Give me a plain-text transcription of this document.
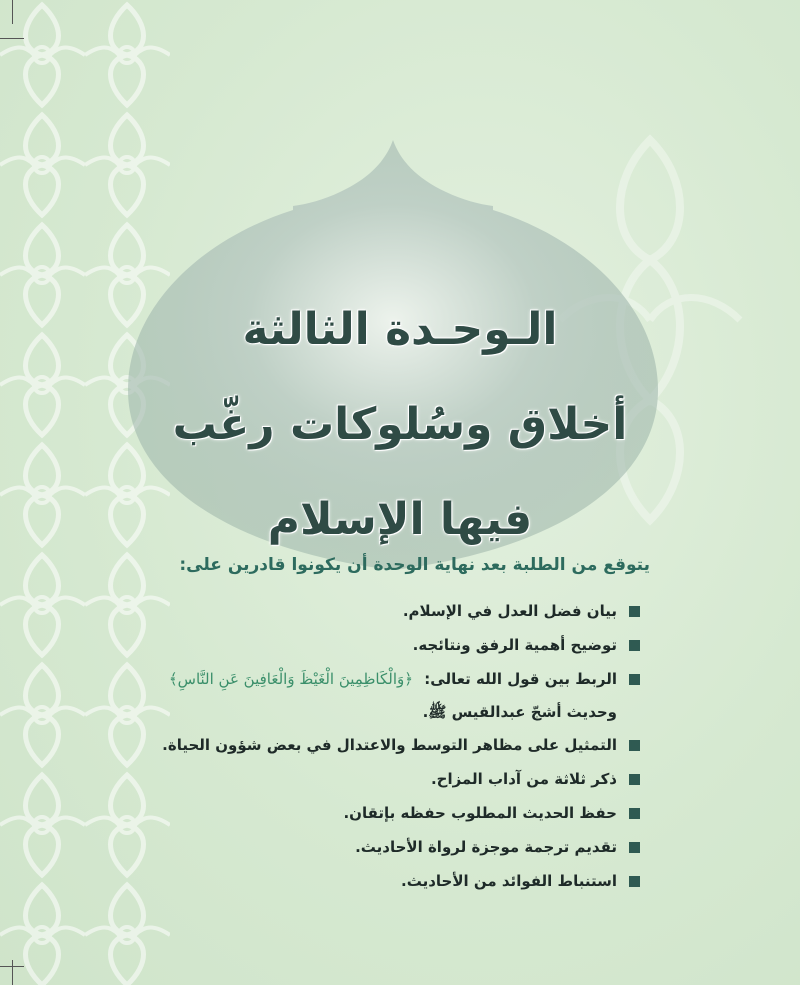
الـوحـدة الثالثة
أخلاق وسُلوكات رغّب
فيها الإسلام
يتوقع من الطلبة بعد نهاية الوحدة أن يكونوا قادرين على:
بيان فضل العدل في الإسلام.
توضيح أهمية الرفق ونتائجه.
الربط بين قول الله تعالى: ﴿وَالْكَاظِمِينَ الْغَيْظَ وَالْعَافِينَ عَنِ النَّاسِ﴾
وحديث أشجّ عبدالقيس ﷺ.
التمثيل على مظاهر التوسط والاعتدال في بعض شؤون الحياة.
ذكر ثلاثة من آداب المزاح.
حفظ الحديث المطلوب حفظه بإتقان.
تقديم ترجمة موجزة لرواة الأحاديث.
استنباط الفوائد من الأحاديث.
